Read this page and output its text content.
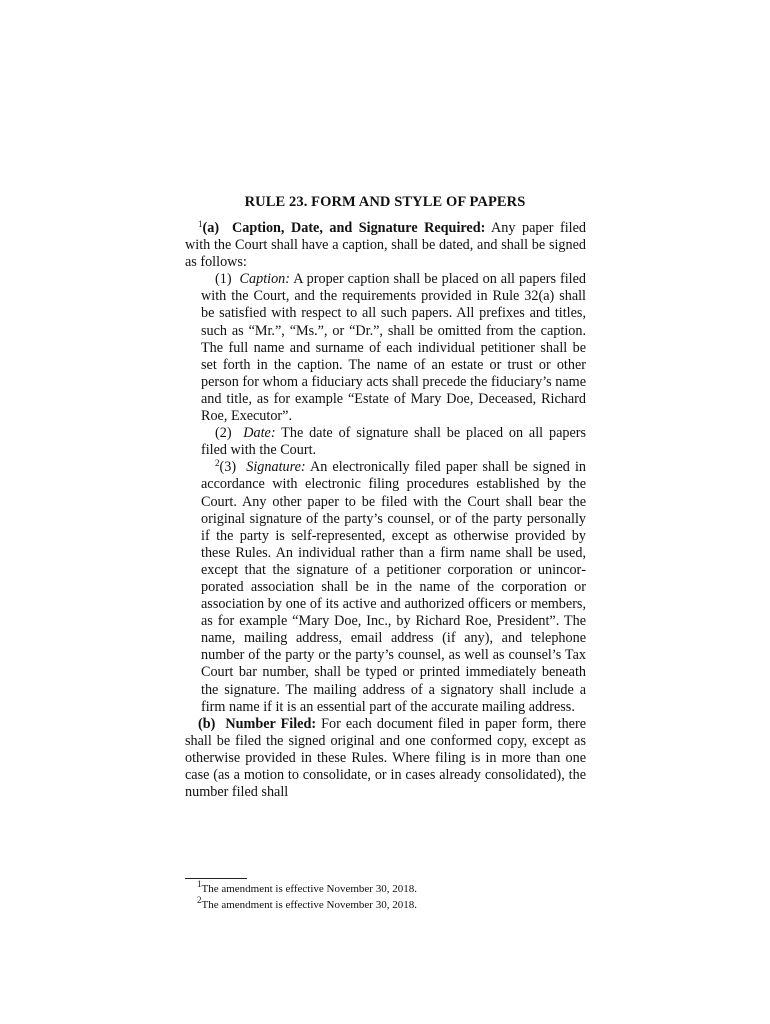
RULE 23. FORM AND STYLE OF PAPERS

$^1$(a) Caption, Date, and Signature Required: Any paper filed with the Court shall have a caption, shall be dated, and shall be signed as follows:

(1) Caption: A proper caption shall be placed on all papers filed with the Court, and the requirements provided in Rule 32(a) shall be satisfied with respect to all such papers. All prefixes and titles, such as “Mr.”, “Ms.”, or “Dr.”, shall be omitted from the caption. The full name and surname of each individual petitioner shall be set forth in the caption. The name of an estate or trust or other person for whom a fiduciary acts shall precede the fiduciary’s name and title, as for example “Estate of Mary Doe, Deceased, Richard Roe, Executor”.

(2) Date: The date of signature shall be placed on all papers filed with the Court.

$^2$(3) Signature: An electronically filed paper shall be signed in accordance with electronic filing procedures established by the Court. Any other paper to be filed with the Court shall bear the original signature of the party’s counsel, or of the party personally if the party is self-represented, except as otherwise provided by these Rules. An individual rather than a firm name shall be used, except that the signature of a petitioner corporation or unincorporated association shall be in the name of the corporation or association by one of its active and authorized officers or members, as for example “Mary Doe, Inc., by Richard Roe, President”. The name, mailing address, email address (if any), and telephone number of the party or the party’s counsel, as well as counsel’s Tax Court bar number, shall be typed or printed immediately beneath the signature. The mailing address of a signatory shall include a firm name if it is an essential part of the accurate mailing address.

(b) Number Filed: For each document filed in paper form, there shall be filed the signed original and one conformed copy, except as otherwise provided in these Rules. Where filing is in more than one case (as a motion to consolidate, or in cases already consolidated), the number filed shall

$^1$The amendment is effective November 30, 2018.

$^2$The amendment is effective November 30, 2018.
